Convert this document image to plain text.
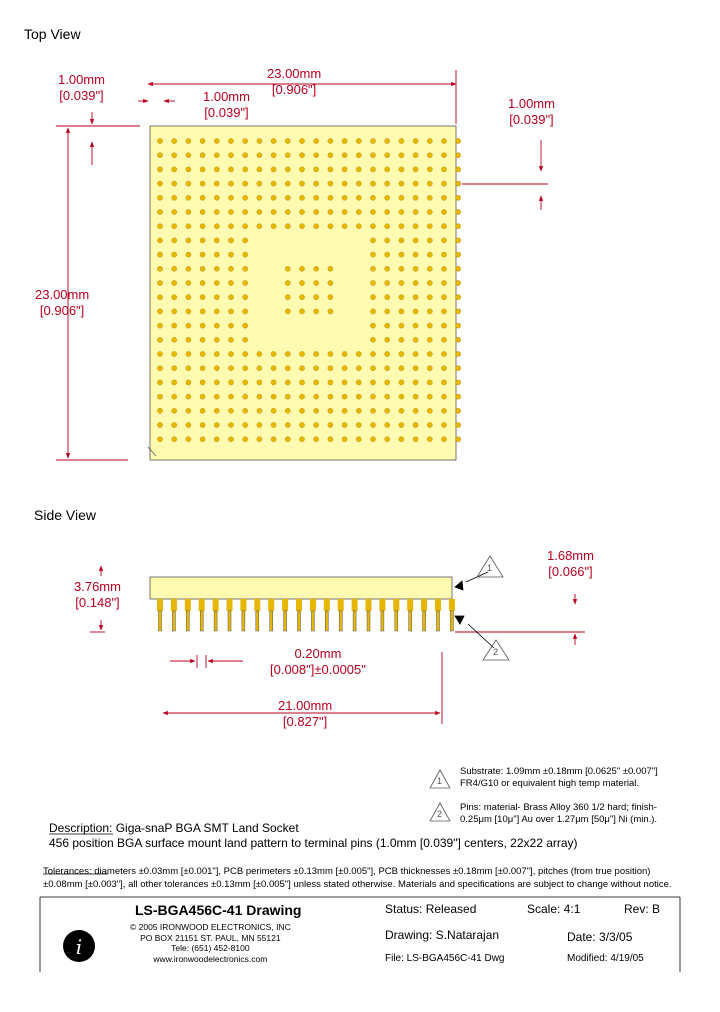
i
Top View
Side View
1.00mm
[0.039"]	1.00mm
[0.039"]
23.00mm
[0.906"]
1.00mm
[0.039"]
23.00mm
[0.906"]
3.76mm
[0.148"]
1.68mm
[0.066"]
0.20mm
[0.008"]±0.0005"
21.00mm
[0.827"]
1
2
1
2
Substrate: 1.09mm ±0.18mm [0.0625" ±0.007"]
FR4/G10 or equivalent high temp material.
Pins: material- Brass Alloy 360 1/2 hard; finish-
0.25μm [10μ"] Au over 1.27μm [50μ"] Ni (min.).
Description: Giga-snaP BGA SMT Land Socket
456 position BGA surface mount land pattern to terminal pins (1.0mm [0.039"] centers, 22x22 array)
Tolerances: diameters ±0.03mm [±0.001"], PCB perimeters ±0.13mm [±0.005"], PCB thicknesses ±0.18mm [±0.007"], pitches (from true position)
±0.08mm [±0.003"], all other tolerances ±0.13mm [±0.005"] unless stated otherwise. Materials and specifications are subject to change without notice.
LS-BGA456C-41 Drawing
© 2005 IRONWOOD ELECTRONICS, INC
PO BOX 21151 ST. PAUL, MN 55121
Tele: (651) 452-8100
www.ironwoodelectronics.com
Status: Released	Scale: 4:1	Rev: B
Drawing: S.Natarajan	Date: 3/3/05
File: LS-BGA456C-41 Dwg	Modified: 4/19/05
